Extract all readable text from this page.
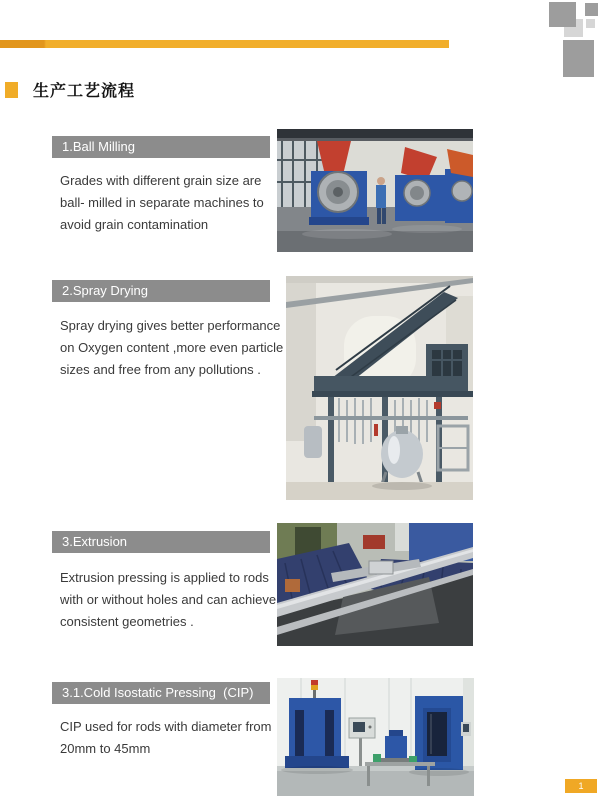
生产工艺流程
1.Ball Milling
Grades with different grain size are
ball- milled in separate machines to
avoid grain contamination
2.Spray Drying
Spray drying gives better performance
on Oxygen content ,more even particle
sizes and free from any pollutions .
3.Extrusion
Extrusion pressing is applied to rods
with or without holes and can achieve
consistent geometries .
3.1.Cold Isostatic Pressing  (CIP)
CIP used for rods with diameter from
20mm to 45mm
1
